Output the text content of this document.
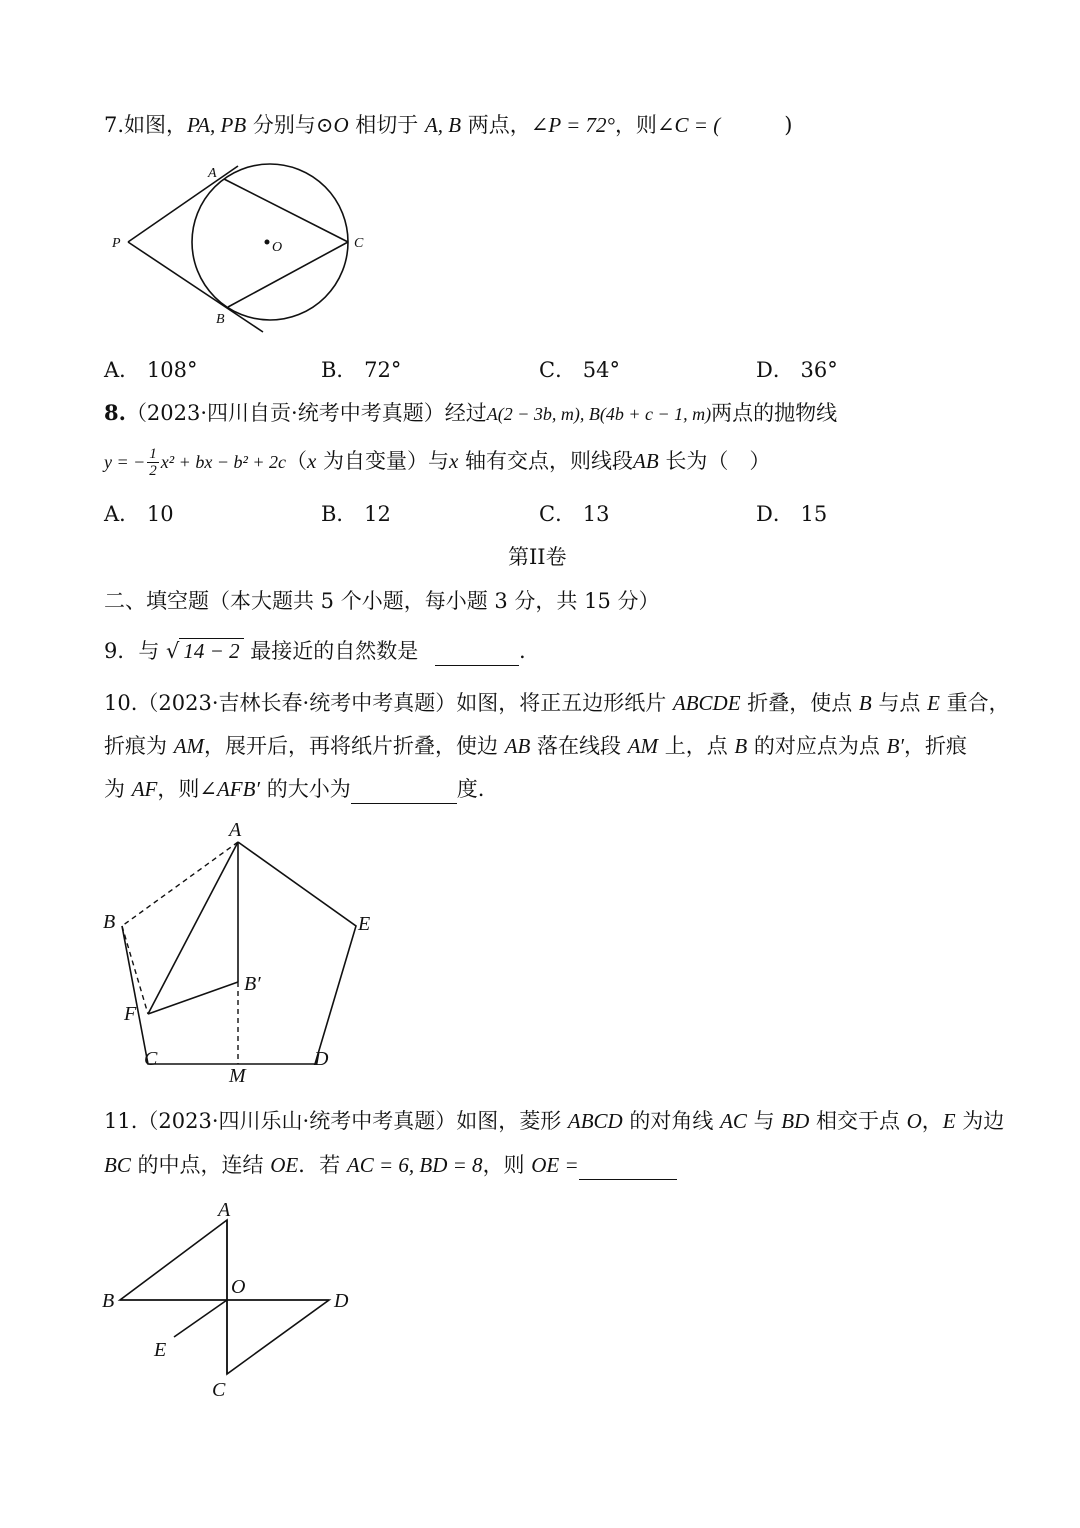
7.如图，PA, PB 分别与⊙O 相切于 A, B 两点，∠P = 72°，则∠C = (	)
A
B
P	O	C
A． 108°	B． 72°	C． 54°	D． 36°
8.（2023·四川自贡·统考中考真题）经过A(2 − 3b, m), B(4b + c − 1, m)两点的抛物线
y = − $\frac{1}{2} x^2$ + bx − b² + 2c（x 为自变量）与x 轴有交点，则线段AB 长为（　）
A． 10	B． 12	C． 13	D． 15
第II卷
二、填空题（本大题共 5 个小题，每小题 3 分，共 15 分）
9．与 √ 14 − 2 最接近的自然数是	.
10.（2023·吉林长春·统考中考真题）如图，将正五边形纸片 ABCDE 折叠，使点 B 与点 E 重合，
折痕为 AM，展开后，再将纸片折叠，使边 AB 落在线段 AM 上，点 B 的对应点为点 B′，折痕
为 AF，则∠AFB′ 的大小为	度.
A
B	E
B′
F
C
M
D
11.（2023·四川乐山·统考中考真题）如图，菱形 ABCD 的对角线 AC 与 BD 相交于点 O，E 为边
BC 的中点，连结 OE．若 AC = 6, BD = 8，则 OE =
A
B
O
D
E
C
